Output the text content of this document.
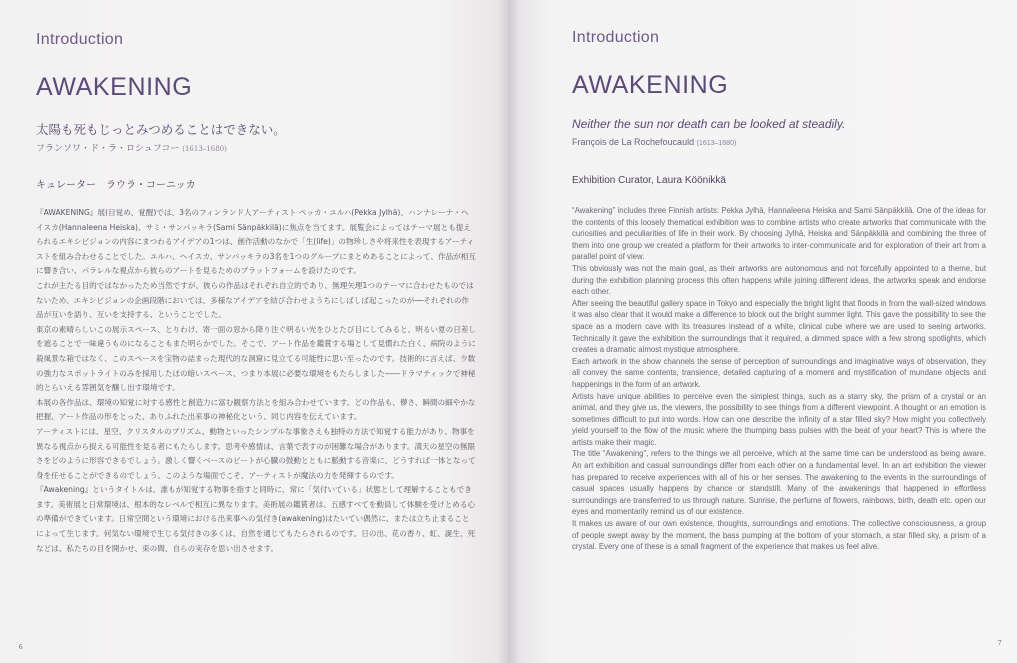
Introduction
AWAKENING
太陽も死もじっとみつめることはできない。
フランソワ・ド・ラ・ロシュフコー (1613–1680)
キュレーター　ラウラ・コーニッカ

『AWAKENING』展(目覚め、覚醒)では、3名のフィンランド人アーティスト ペッカ・ユルハ(Pekka Jylhä)、ハンナレーナ・ヘイスカ(Hannaleena Heiska)、サミ・サンパッキラ(Sami Sänpäkkilä)に焦点を当てます。展覧会によってはテーマ展とも提え られるエキシビジョンの内容にまつわるアイデアの1つは、創作活動のなかで「生(life)」の物珍しさや将来性を表現するアーティストを組み合わせることでした。ユルハ、ヘイスカ、サンパッキラの3名を1つのグループにまとめあることによって、作品が相互に響き合い、パラレルな視点から彼らのアートを見るためのプラットフォームを設けたのです。

これが主たる目的ではなかったため当然ですが、彼らの作品はそれぞれ自立的であり、無理矢理1つのテーマに合わせたものではないため、エキシビジョンの企画段階においては、多様なアイデアを結び合わせようちにしばしば起こったのが──それぞれの作品が互いを語り、互いを支持する、ということでした。

東京の素晴らしいこの展示スペース、とりわけ、寄一面の窓から降り注ぐ明るい光をひとたび目にしてみると、明るい夏の日差しを遮ることで一味違うものになることもまた明らかでした。そこで、アート作品を鑑賞する場として見慣れた白く、病院のように殺風景な箱ではなく、このスペースを宝物の詰まった現代的な洞窟に見立てる可能性に思い至ったのです。技術的に言えば、少数の強力なスポットライトのみを採用したほの暗いスペース、つまり本展に必要な環境をもたらしました――ドラマティックで神秘的とらいえる雰囲気を醸し出す環境です。

本展の各作品は、環境の知覚に対する感性と創造力に富む観察方法とを組み合わせています。どの作品も、儚さ、瞬間の細やかな把握、アート作品の形をとった、ありふれた出来事の神秘化という、同じ内容を伝えています。

アーティストには、星空、クリスタルのプリズム、動物といったシンプルな事象さえも独特の方法で知覚する能力があり、物事を異なる視点から捉える可能性を見る者にもたらします。思考や感情は、言葉で表すのが困難な場合があります。満天の星空の無限さをどのように形容できるでしょう。激しく響くベースのビートが心臓の鼓動とともに脈動する音楽に、どうすれば一体となって身を任せることができるのでしょう。このような場面でこそ、アーティストが魔法の力を発揮するのです。

『Awakening』というタイトルは、誰もが知覚する物事を指すと同時に、常に「気付いている」状態として理解することもできます。美術展と日常環境は、根本的なレベルで相互に異なります。美術展の鑑賞者は、五感すべてを動員して体験を受けとめる心の準備ができています。日常空間という環境における出来事への気付き(awakening)はたいてい偶然に、または立ち止まることによって生じます。何気ない環境で生じる気付きの多くは、自然を通じてもたらされるのです。日の出、花の香り、虹、誕生、死などは、私たちの目を開かせ、束の間、自らの実存を思い出させます。

6
Introduction
AWAKENING
Neither the sun nor death can be looked at steadily.
François de La Rochefoucauld (1613–1680)
Exhibition Curator, Laura Köönikkä

“Awakening” includes three Finnish artists: Pekka Jylhä, Hannaleena Heiska and Sami Sänpäkkilä. One of the ideas for the contents of this loosely thematical exhibition was to combine artists who create artworks that communicate with the curiosities and peculiarities of life in their work. By choosing Jylhä, Heiska and Sänpäkkilä and combining the three of them into one group we created a platform for their artworks to inter-communicate and for exploration of their art from a parallel point of view.

This obviously was not the main goal, as their artworks are autonomous and not forcefully appointed to a theme, but during the exhibition planning process this often happens while joining different ideas, the artworks speak and endorse each other.

After seeing the beautiful gallery space in Tokyo and especially the bright light that floods in from the wall-sized windows it was also clear that it would make a difference to block out the bright summer light. This gave the possibility to see the space as a modern cave with its treasures instead of a white, clinical cube where we are used to seeing artworks. Technically it gave the exhibition the surroundings that it required, a dimmed space with a few strong spotlights, which creates a dramatic almost mystique atmosphere.

Each artwork in the show channels the sense of perception of surroundings and imaginative ways of observation, they all convey the same contents, transience, detailed capturing of a moment and mystification of mundane objects and happenings in the form of an artwork.

Artists have unique abilities to perceive even the simplest things, such as a starry sky, the prism of a crystal or an animal, and they give us, the viewers, the possibility to see things from a different viewpoint. A thought or an emotion is sometimes difficult to put into words. How can one describe the infinity of a star filled sky? How might you collectively yield yourself to the flow of the music where the thumping bass pulses with the beat of your heart? This is where the artists make their magic.

The title “Awakening”, refers to the things we all perceive, which at the same time can be understood as being aware. An art exhibition and casual surroundings differ from each other on a fundamental level. In an art exhibition the viewer has prepared to receive experiences with all of his or her senses. The awakening to the events in the surroundings of casual spaces usually happens by chance or standstill. Many of the awakenings that happened in effortless surroundings are transferred to us through nature. Sunrise, the perfume of flowers, rainbows, birth, death etc. open our eyes and momentarily remind us of our existence.

It makes us aware of our own existence, thoughts, surroundings and emotions. The collective consciousness, a group of people swept away by the moment, the bass pumping at the bottom of your stomach, a star filled sky, a prism of a crystal. Every one of these is a small fragment of the experience that makes us feel alive.

7
